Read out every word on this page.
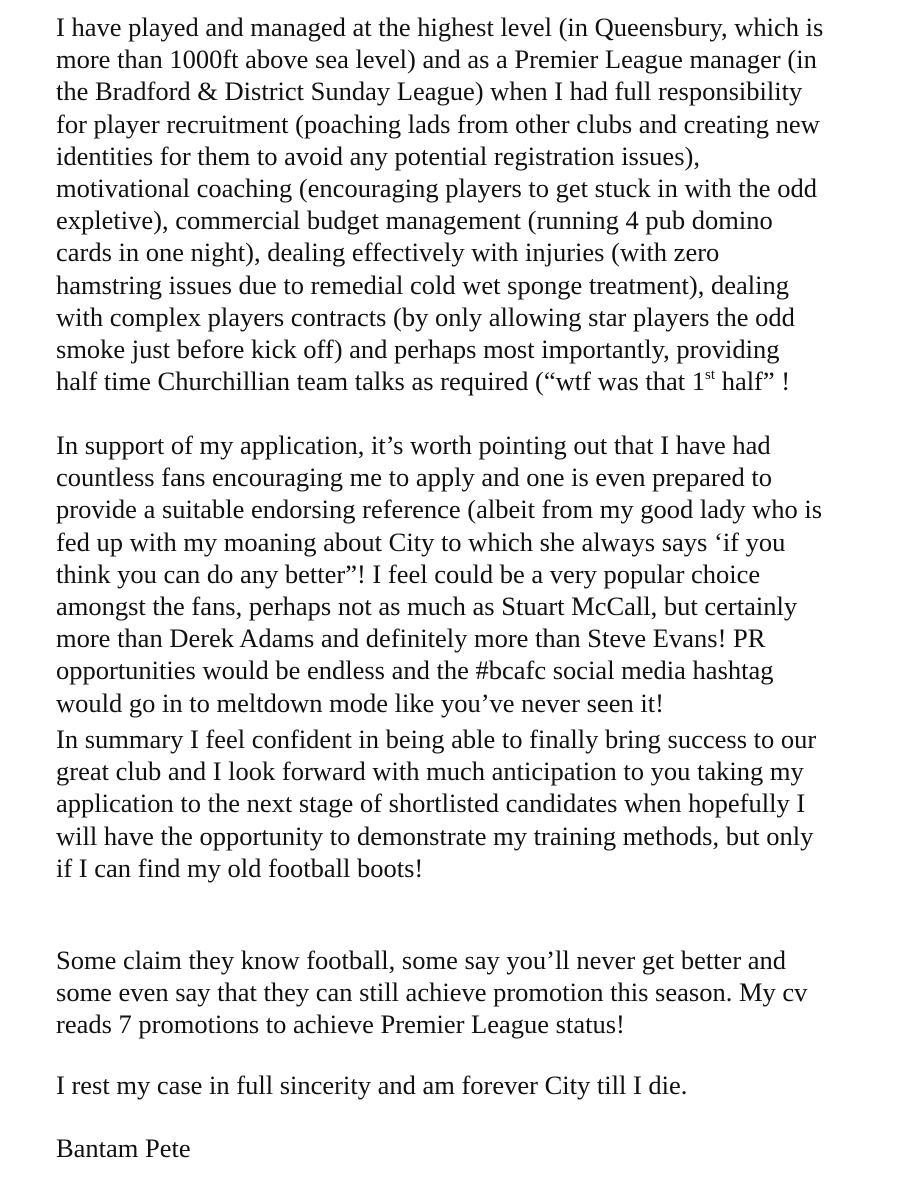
I have played and managed at the highest level (in Queensbury, which is
more than 1000ft above sea level) and as a Premier League manager (in
the Bradford & District Sunday League) when I had full responsibility
for player recruitment (poaching lads from other clubs and creating new
identities for them to avoid any potential registration issues),
motivational coaching (encouraging players to get stuck in with the odd
expletive), commercial budget management (running 4 pub domino
cards in one night), dealing effectively with injuries (with zero
hamstring issues due to remedial cold wet sponge treatment), dealing
with complex players contracts (by only allowing star players the odd
smoke just before kick off) and perhaps most importantly, providing
half time Churchillian team talks as required (“wtf was that 1st half” !
In support of my application, it’s worth pointing out that I have had
countless fans encouraging me to apply and one is even prepared to
provide a suitable endorsing reference (albeit from my good lady who is
fed up with my moaning about City to which she always says ‘if you
think you can do any better”! I feel could be a very popular choice
amongst the fans, perhaps not as much as Stuart McCall, but certainly
more than Derek Adams and definitely more than Steve Evans! PR
opportunities would be endless and the #bcafc social media hashtag
would go in to meltdown mode like you’ve never seen it!
In summary I feel confident in being able to finally bring success to our
great club and I look forward with much anticipation to you taking my
application to the next stage of shortlisted candidates when hopefully I
will have the opportunity to demonstrate my training methods, but only
if I can find my old football boots!
Some claim they know football, some say you’ll never get better and
some even say that they can still achieve promotion this season. My cv
reads 7 promotions to achieve Premier League status!
I rest my case in full sincerity and am forever City till I die.
Bantam Pete
